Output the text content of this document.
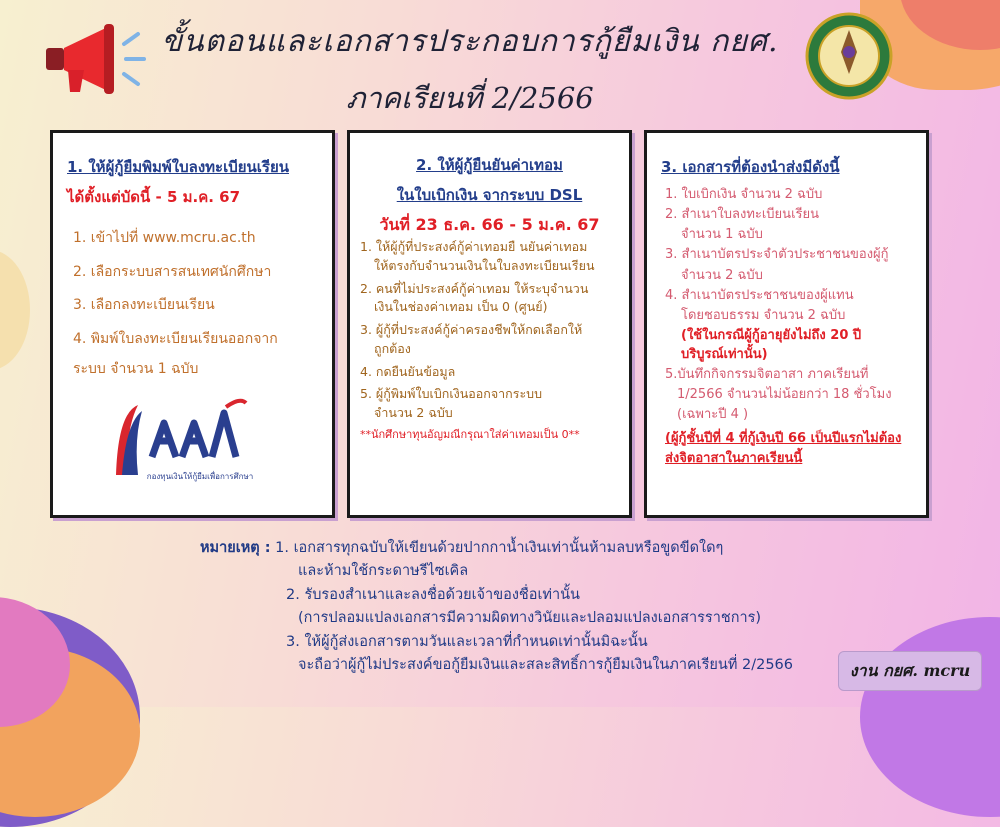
ขั้นตอนและเอกสารประกอบการกู้ยืมเงิน กยศ.
ภาคเรียนที่ 2/2566
1. ให้ผู้กู้ยืมพิมพ์ใบลงทะเบียนเรียน
ได้ตั้งแต่บัดนี้ - 5 ม.ค. 67
1. เข้าไปที่ www.mcru.ac.th
2. เลือกระบบสารสนเทศนักศึกษา
3. เลือกลงทะเบียนเรียน
4. พิมพ์ใบลงทะเบียนเรียนออกจาก
ระบบ จำนวน 1 ฉบับ
กองทุนเงินให้กู้ยืมเพื่อการศึกษา
2. ให้ผู้กู้ยืนยันค่าเทอม
ในใบเบิกเงิน จากระบบ DSL
วันที่ 23 ธ.ค. 66 - 5 ม.ค. 67
1. ให้ผู้กู้ที่ประสงค์กู้ค่าเทอมยื นยันค่าเทอม
ให้ตรงกับจำนวนเงินในใบลงทะเบียนเรียน
2. คนที่ไม่ประสงค์กู้ค่าเทอม ให้ระบุจำนวน
เงินในช่องค่าเทอม เป็น 0 (ศูนย์)
3. ผู้กู้ที่ประสงค์กู้ค่าครองชีพให้กดเลือกให้
ถูกต้อง
4. กดยืนยันข้อมูล
5. ผู้กู้พิมพ์ใบเบิกเงินออกจากระบบ
จำนวน 2 ฉบับ
**นักศึกษาทุนอัญมณีกรุณาใส่ค่าเทอมเป็น 0**
3. เอกสารที่ต้องนำส่งมีดังนี้
1. ใบเบิกเงิน จำนวน 2 ฉบับ
2. สำเนาใบลงทะเบียนเรียน
จำนวน 1 ฉบับ
3. สำเนาบัตรประจำตัวประชาชนของผู้กู้
จำนวน 2 ฉบับ
4. สำเนาบัตรประชาชนของผู้แทน
โดยชอบธรรม จำนวน 2 ฉบับ
(ใช้ในกรณีผู้กู้อายุยังไม่ถึง 20 ปี
บริบูรณ์เท่านั้น)
5.บันทึกกิจกรรมจิตอาสา ภาคเรียนที่
1/2566 จำนวนไม่น้อยกว่า 18 ชั่วโมง
(เฉพาะปี 4 )
(ผู้กู้ชั้นปีที่ 4 ที่กู้เงินปี 66 เป็นปีแรกไม่ต้อง
ส่งจิตอาสาในภาคเรียนนี้
หมายเหตุ : 1. เอกสารทุกฉบับให้เขียนด้วยปากกาน้ำเงินเท่านั้นห้ามลบหรือขูดขีดใดๆ
และห้ามใช้กระดาษรีไซเคิล
2. รับรองสำเนาและลงชื่อด้วยเจ้าของชื่อเท่านั้น
(การปลอมแปลงเอกสารมีความผิดทางวินัยและปลอมแปลงเอกสารราชการ)
3. ให้ผู้กู้ส่งเอกสารตามวันและเวลาที่กำหนดเท่านั้นมิฉะนั้น
จะถือว่าผู้กู้ไม่ประสงค์ขอกู้ยืมเงินและสละสิทธิ์การกู้ยืมเงินในภาคเรียนที่ 2/2566	งาน กยศ. mcru
